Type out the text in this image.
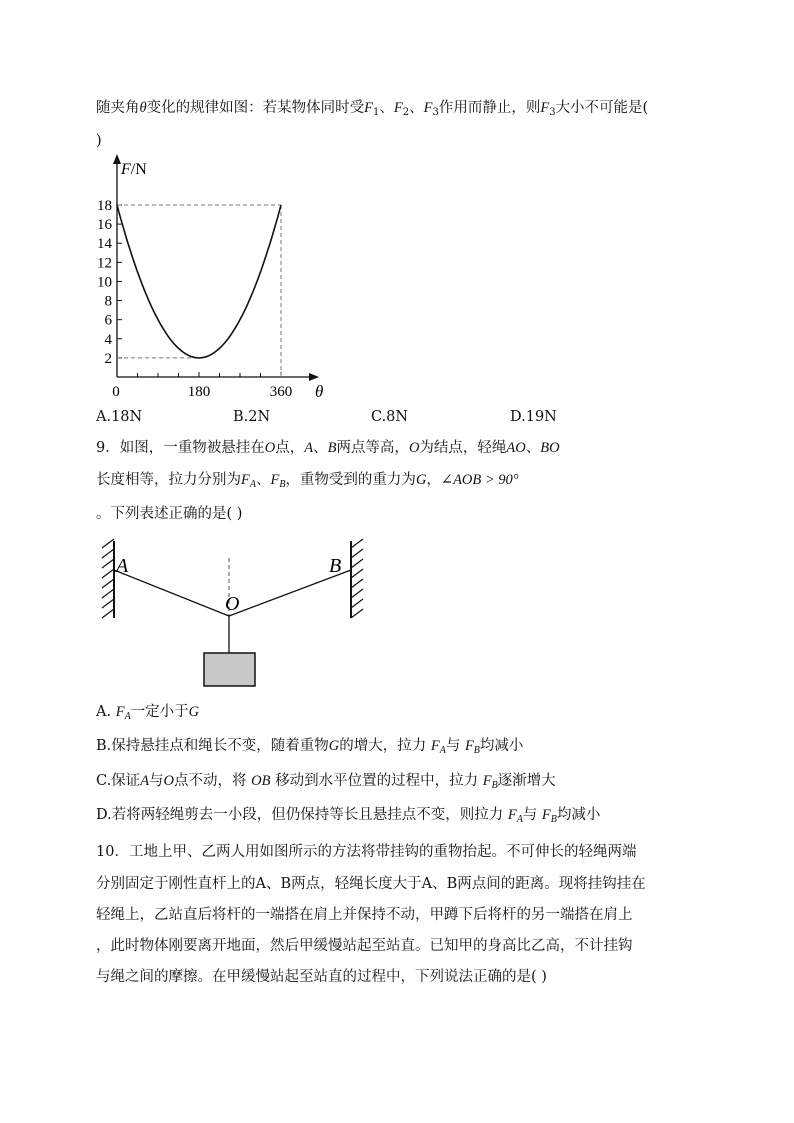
随夹角θ变化的规律如图：若某物体同时受$F_1$、$F_2$、$F_3$作用而静止，则$F_3$大小不可能是(
)
2
4
6
8
10
12
14
16
18
0	180	360
F/N
θ
A.18N	B.2N	C.8N	D.19N
9．如图，一重物被悬挂在O点，A、B两点等高，O为结点，轻绳AO、BO
长度相等，拉力分别为$F_A$、$F_B$，重物受到的重力为G，∠AOB > 90°
。下列表述正确的是( )
A	B
O
A. $F_A$一定小于G
B.保持悬挂点和绳长不变，随着重物G的增大，拉力 $F_A$与 $F_B$均减小
C.保证A与O点不动，将 OB 移动到水平位置的过程中，拉力 $F_B$逐渐增大
D.若将两轻绳剪去一小段，但仍保持等长且悬挂点不变，则拉力 $F_A$与 $F_B$均减小
10．工地上甲、乙两人用如图所示的方法将带挂钩的重物抬起。不可伸长的轻绳两端
分别固定于刚性直杆上的A、B两点，轻绳长度大于A、B两点间的距离。现将挂钩挂在
轻绳上，乙站直后将杆的一端搭在肩上并保持不动，甲蹲下后将杆的另一端搭在肩上
，此时物体刚要离开地面，然后甲缓慢站起至站直。已知甲的身高比乙高，不计挂钩
与绳之间的摩擦。在甲缓慢站起至站直的过程中，下列说法正确的是( )
